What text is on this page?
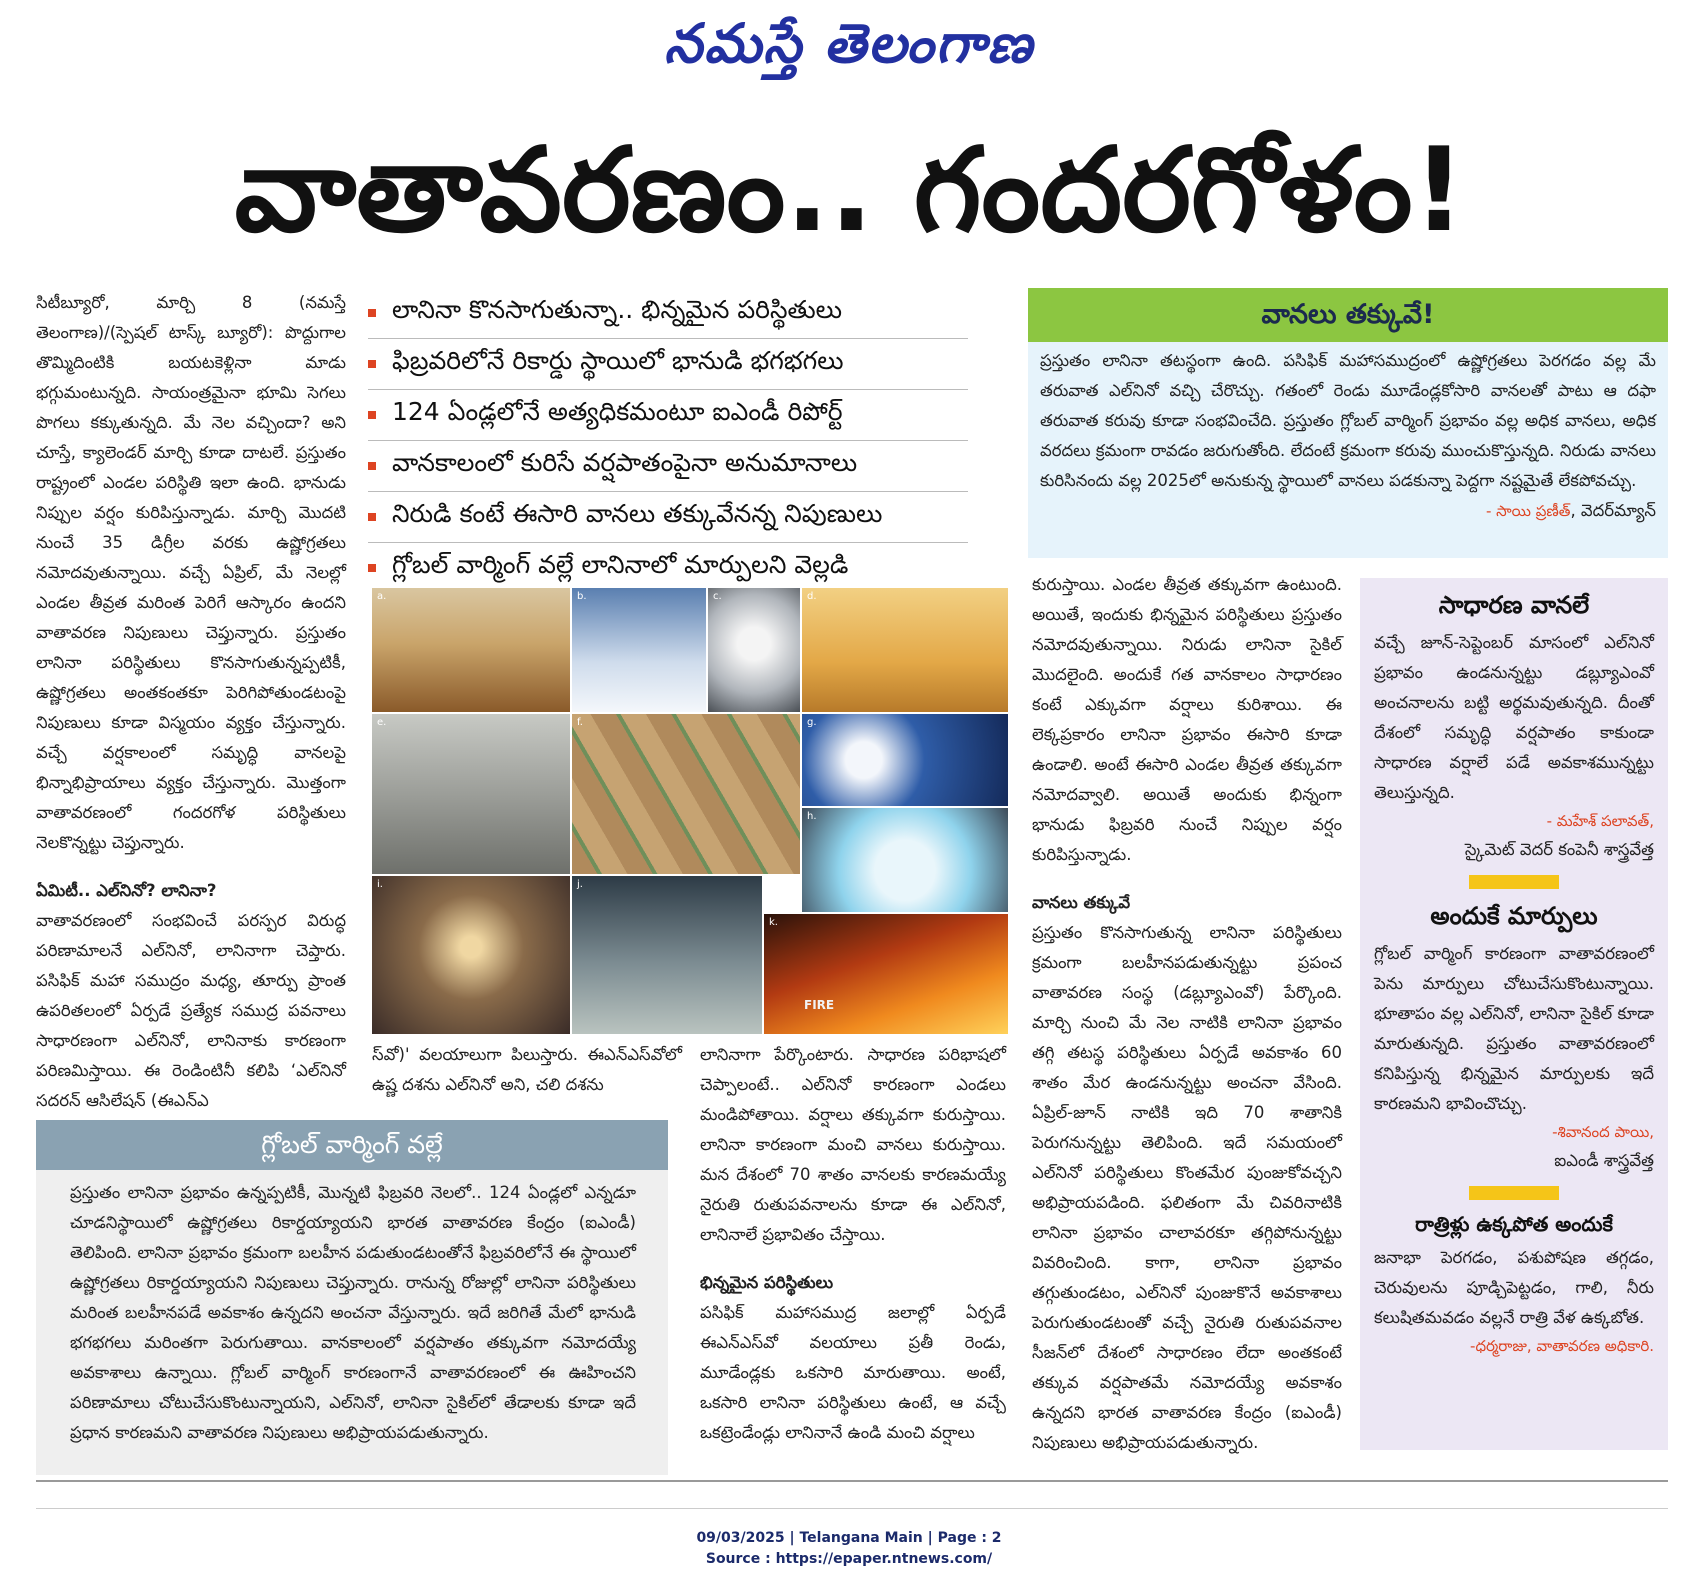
నమస్తే తెలంగాణ
వాతావరణం.. గందరగోళం!

సిటీబ్యూరో, మార్చి 8 (నమస్తే తెలంగాణ)/(స్పెషల్ టాస్క్ బ్యూరో): పొద్దుగాల తొమ్మిదింటికి బయటకెళ్లినా మాడు భగ్గుమంటున్నది. సాయంత్రమైనా భూమి సెగలు పొగలు కక్కుతున్నది. మే నెల వచ్చిందా? అని చూస్తే, క్యాలెండర్ మార్చి కూడా దాటలే. ప్రస్తుతం రాష్ట్రంలో ఎండల పరిస్థితి ఇలా ఉంది. భానుడు నిప్పుల వర్షం కురిపిస్తున్నాడు. మార్చి మొదటి నుంచే 35 డిగ్రీల వరకు ఉష్ణోగ్రతలు నమోదవుతున్నాయి. వచ్చే ఏప్రిల్, మే నెలల్లో ఎండల తీవ్రత మరింత పెరిగే ఆస్కారం ఉందని వాతావరణ నిపుణులు చెప్తున్నారు. ప్రస్తుతం లానినా పరిస్థితులు కొనసాగుతున్నప్పటికీ, ఉష్ణోగ్రతలు అంతకంతకూ పెరిగిపోతుండటంపై నిపుణులు కూడా విస్మయం వ్యక్తం చేస్తున్నారు. వచ్చే వర్షకాలంలో సమృద్ధి వానలపై భిన్నాభిప్రాయాలు వ్యక్తం చేస్తున్నారు. మొత్తంగా వాతావరణంలో గందరగోళ పరిస్థితులు నెలకొన్నట్టు చెప్తున్నారు.

ఏమిటీ.. ఎల్‌నినో? లానినా?

వాతావరణంలో సంభవించే పరస్పర విరుద్ధ పరిణామాలనే ఎల్‌నినో, లానినాగా చెప్తారు. పసిఫిక్ మహా సముద్రం మధ్య, తూర్పు ప్రాంత ఉపరితలంలో ఏర్పడే ప్రత్యేక సముద్ర పవనాలు సాధారణంగా ఎల్‌నినో, లానినాకు కారణంగా పరిణమిస్తాయి. ఈ రెండింటినీ కలిపి ‘ఎల్‌నినో సదరన్ ఆసిలేషన్ (ఈఎన్ఎ

లానినా కొనసాగుతున్నా.. భిన్నమైన పరిస్థితులు
ఫిబ్రవరిలోనే రికార్డు స్థాయిలో భానుడి భగభగలు
124 ఏండ్లలోనే అత్యధికమంటూ ఐఎండీ రిపోర్ట్
వానకాలంలో కురిసే వర్షపాతంపైనా అనుమానాలు
నిరుడి కంటే ఈసారి వానలు తక్కువేనన్న నిపుణులు
గ్లోబల్ వార్మింగ్ వల్లే లానినాలో మార్పులని వెల్లడి
a.	b.	c.	d.
e.	f.	g.
h.
i.	j.
k.
FIRE

స్‌వో)' వలయాలుగా పిలుస్తారు. ఈఎన్ఎస్‌వోలో ఉష్ణ దశను ఎల్‌నినో అని, చలి దశను

లానినాగా పేర్కొంటారు. సాధారణ పరిభాషలో చెప్పాలంటే.. ఎల్‌నినో కారణంగా ఎండలు మండిపోతాయి. వర్షాలు తక్కువగా కురుస్తాయి. లానినా కారణంగా మంచి వానలు కురుస్తాయి. మన దేశంలో 70 శాతం వానలకు కారణమయ్యే నైరుతి రుతుపవనాలను కూడా ఈ ఎల్‌నినో, లానినాలే ప్రభావితం చేస్తాయి.

భిన్నమైన పరిస్థితులు

పసిఫిక్ మహాసముద్ర జలాల్లో ఏర్పడే ఈఎన్ఎస్‌వో వలయాలు ప్రతీ రెండు, మూడేండ్లకు ఒకసారి మారుతాయి. అంటే, ఒకసారి లానినా పరిస్థితులు ఉంటే, ఆ వచ్చే ఒకట్రెండేండ్లు లానినానే ఉండి మంచి వర్షాలు

వానలు తక్కువే!

ప్రస్తుతం లానినా తటస్థంగా ఉంది. పసిఫిక్ మహాసముద్రంలో ఉష్ణోగ్రతలు పెరగడం వల్ల మే తరువాత ఎల్‌నినో వచ్చి చేరొచ్చు. గతంలో రెండు మూడేండ్లకోసారి వానలతో పాటు ఆ దఫా తరువాత కరువు కూడా సంభవించేది. ప్రస్తుతం గ్లోబల్ వార్మింగ్ ప్రభావం వల్ల అధిక వానలు, అధిక వరదలు క్రమంగా రావడం జరుగుతోంది. లేదంటే క్రమంగా కరువు ముంచుకొస్తున్నది. నిరుడు వానలు కురిసినందు వల్ల 2025లో అనుకున్న స్థాయిలో వానలు పడకున్నా పెద్దగా నష్టమైతే లేకపోవచ్చు.

- సాయి ప్రణీత్, వెదర్‌మ్యాన్

కురుస్తాయి. ఎండల తీవ్రత తక్కువగా ఉంటుంది. అయితే, ఇందుకు భిన్నమైన పరిస్థితులు ప్రస్తుతం నమోదవుతున్నాయి. నిరుడు లానినా సైకిల్ మొదలైంది. అందుకే గత వానకాలం సాధారణం కంటే ఎక్కువగా వర్షాలు కురిశాయి. ఈ లెక్కప్రకారం లానినా ప్రభావం ఈసారి కూడా ఉండాలి. అంటే ఈసారి ఎండల తీవ్రత తక్కువగా నమోదవ్వాలి. అయితే అందుకు భిన్నంగా భానుడు ఫిబ్రవరి నుంచే నిప్పుల వర్షం కురిపిస్తున్నాడు.

వానలు తక్కువే

ప్రస్తుతం కొనసాగుతున్న లానినా పరిస్థితులు క్రమంగా బలహీనపడుతున్నట్టు ప్రపంచ వాతావరణ సంస్థ (డబ్ల్యూఎంవో) పేర్కొంది. మార్చి నుంచి మే నెల నాటికి లానినా ప్రభావం తగ్గి తటస్థ పరిస్థితులు ఏర్పడే అవకాశం 60 శాతం మేర ఉండనున్నట్టు అంచనా వేసింది. ఏప్రిల్-జూన్ నాటికి ఇది 70 శాతానికి పెరుగనున్నట్టు తెలిపింది. ఇదే సమయంలో ఎల్‌నినో పరిస్థితులు కొంతమేర పుంజుకోవచ్చని అభిప్రాయపడింది. ఫలితంగా మే చివరినాటికి లానినా ప్రభావం చాలావరకూ తగ్గిపోనున్నట్టు వివరించింది. కాగా, లానినా ప్రభావం తగ్గుతుండటం, ఎల్‌నినో పుంజుకొనే అవకాశాలు పెరుగుతుండటంతో వచ్చే నైరుతి రుతుపవనాల సీజన్‌లో దేశంలో సాధారణం లేదా అంతకంటే తక్కువ వర్షపాతమే నమోదయ్యే అవకాశం ఉన్నదని భారత వాతావరణ కేంద్రం (ఐఎండీ) నిపుణులు అభిప్రాయపడుతున్నారు.

సాధారణ వానలే

వచ్చే జూన్-సెప్టెంబర్ మాసంలో ఎల్‌నినో ప్రభావం ఉండనున్నట్టు డబ్ల్యూఎంవో అంచనాలను బట్టి అర్థమవుతున్నది. దీంతో దేశంలో సమృద్ధి వర్షపాతం కాకుండా సాధారణ వర్షాలే పడే అవకాశమున్నట్టు తెలుస్తున్నది.

- మహేశ్ పలావత్,

స్కైమెట్ వెదర్ కంపెనీ శాస్త్రవేత్త

అందుకే మార్పులు

గ్లోబల్ వార్మింగ్ కారణంగా వాతావరణంలో పెను మార్పులు చోటుచేసుకొంటున్నాయి. భూతాపం వల్ల ఎల్‌నినో, లానినా సైకిల్ కూడా మారుతున్నది. ప్రస్తుతం వాతావరణంలో కనిపిస్తున్న భిన్నమైన మార్పులకు ఇదే కారణమని భావించొచ్చు.

-శివానంద పాయి,

ఐఎండీ శాస్త్రవేత్త

రాత్రిళ్లు ఉక్కపోత అందుకే

జనాభా పెరగడం, పశుపోషణ తగ్గడం, చెరువులను పూడ్చిపెట్టడం, గాలి, నీరు కలుషితమవడం వల్లనే రాత్రి వేళ ఉక్కబోత.

-ధర్మరాజు, వాతావరణ అధికారి.

గ్లోబల్ వార్మింగ్ వల్లే

ప్రస్తుతం లానినా ప్రభావం ఉన్నప్పటికీ, మొన్నటి ఫిబ్రవరి నెలలో.. 124 ఏండ్లలో ఎన్నడూ చూడనిస్థాయిలో ఉష్ణోగ్రతలు రికార్డయ్యాయని భారత వాతావరణ కేంద్రం (ఐఎండీ) తెలిపింది. లానినా ప్రభావం క్రమంగా బలహీన పడుతుండటంతోనే ఫిబ్రవరిలోనే ఈ స్థాయిలో ఉష్ణోగ్రతలు రికార్డయ్యాయని నిపుణులు చెప్తున్నారు. రానున్న రోజుల్లో లానినా పరిస్థితులు మరింత బలహీనపడే అవకాశం ఉన్నదని అంచనా వేస్తున్నారు. ఇదే జరిగితే మేలో భానుడి భగభగలు మరింతగా పెరుగుతాయి. వానకాలంలో వర్షపాతం తక్కువగా నమోదయ్యే అవకాశాలు ఉన్నాయి. గ్లోబల్ వార్మింగ్ కారణంగానే వాతావరణంలో ఈ ఊహించని పరిణామాలు చోటుచేసుకొంటున్నాయని, ఎల్‌నినో, లానినా సైకిల్‌లో తేడాలకు కూడా ఇదే ప్రధాన కారణమని వాతావరణ నిపుణులు అభిప్రాయపడుతున్నారు.

09/03/2025 | Telangana Main | Page : 2
Source : https://epaper.ntnews.com/
